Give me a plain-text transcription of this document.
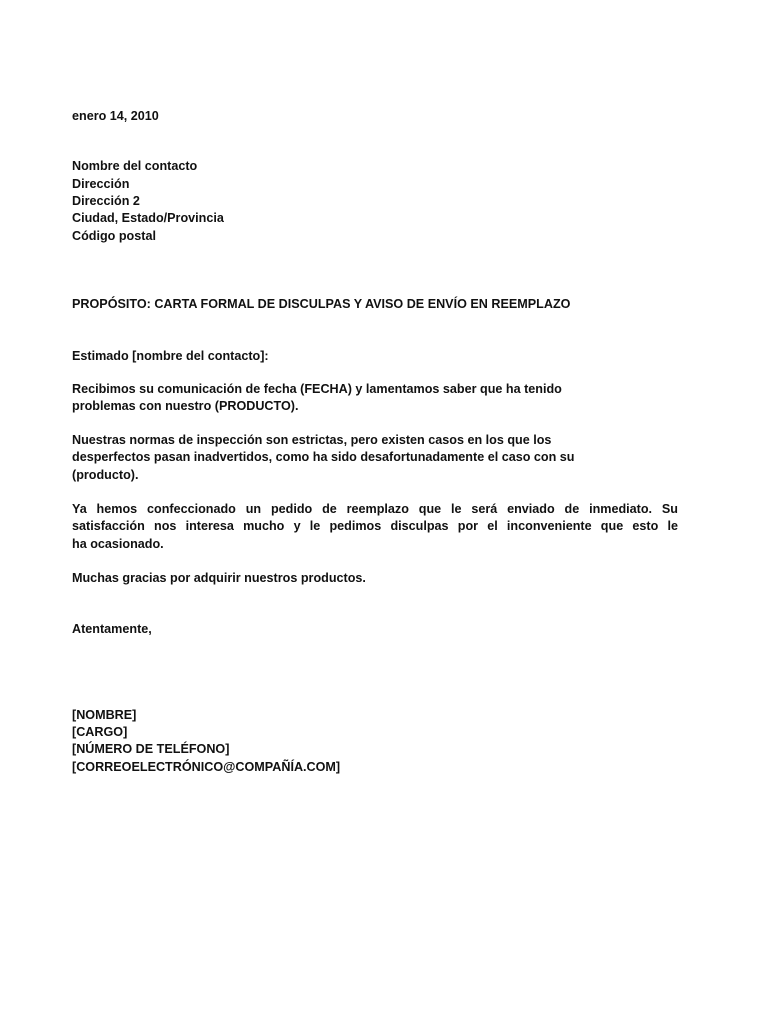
enero 14, 2010

Nombre del contacto

Dirección

Dirección 2

Ciudad, Estado/Provincia

Código postal

PROPÓSITO: CARTA FORMAL DE DISCULPAS Y AVISO DE ENVÍO EN REEMPLAZO

Estimado [nombre del contacto]:

Recibimos su comunicación de fecha (FECHA) y lamentamos saber que ha tenido
problemas con nuestro (PRODUCTO).
Nuestras normas de inspección son estrictas, pero existen casos en los que los
desperfectos pasan inadvertidos, como ha sido desafortunadamente el caso con su
(producto).
Ya hemos confeccionado un pedido de reemplazo que le será enviado de inmediato. Su
satisfacción nos interesa mucho y le pedimos disculpas por el inconveniente que esto le
ha ocasionado.

Muchas gracias por adquirir nuestros productos.

Atentamente,

[NOMBRE]

[CARGO]

[NÚMERO DE TELÉFONO]

[CORREOELECTRÓNICO@COMPAÑÍA.COM]
